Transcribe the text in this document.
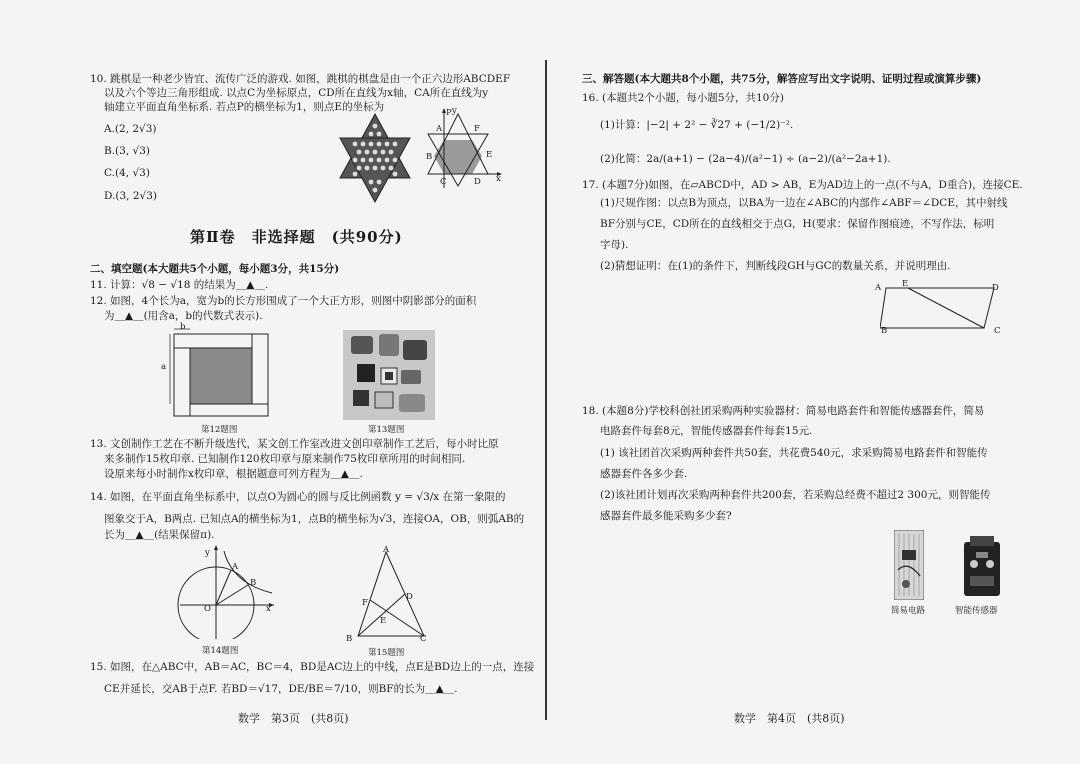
10. 跳棋是一种老少皆宜、流传广泛的游戏. 如图，跳棋的棋盘是由一个正六边形ABCDEF
以及六个等边三角形组成. 以点C为坐标原点，CD所在直线为x轴，CA所在直线为y
轴建立平面直角坐标系. 若点P的横坐标为1，则点E的坐标为
A.(2, 2√3)
B.(3, √3)
C.(4, √3)
D.(3, 2√3)
P
A	F
B	E
C	D
y
x
第Ⅱ卷　非选择题　(共90分)
二、填空题(本大题共5个小题，每小题3分，共15分)
11. 计算：√8 − √18 的结果为＿▲＿.
12. 如图，4个长为a，宽为b的长方形围成了一个大正方形，则图中阴影部分的面积
为＿▲＿(用含a，b的代数式表示).
b
a
第12题图	第13题图
13. 文创制作工艺在不断升级迭代，某文创工作室改进文创印章制作工艺后，每小时比原
来多制作15枚印章. 已知制作120枚印章与原来制作75枚印章所用的时间相同.
设原来每小时制作x枚印章，根据题意可列方程为＿▲＿.
14. 如图，在平面直角坐标系中，以点O为圆心的圆与反比例函数 y = √3/x 在第一象限的
图象交于A，B两点. 已知点A的横坐标为1，点B的横坐标为√3，连接OA，OB，则弧AB的
长为＿▲＿(结果保留π).
y
A
B
O	x
第14题图
A
D
F
E
B	C
第15题图
15. 如图，在△ABC中，AB＝AC，BC＝4，BD是AC边上的中线，点E是BD边上的一点，连接
CE并延长，交AB于点F. 若BD＝√17，DE/BE＝7/10，则BF的长为＿▲＿.
数学　第3页　(共8页)
三、解答题(本大题共8个小题，共75分，解答应写出文字说明、证明过程或演算步骤)
16. (本题共2个小题，每小题5分，共10分)
(1)计算：|−2| + 2² − ∛27 + (−1/2)⁻².
(2)化简：2a/(a+1) − (2a−4)/(a²−1) ÷ (a−2)/(a²−2a+1).
17. (本题7分)如图，在▱ABCD中，AD > AB，E为AD边上的一点(不与A，D重合)，连接CE.
(1)尺规作图：以点B为顶点，以BA为一边在∠ABC的内部作∠ABF＝∠DCE，其中射线
BF分别与CE，CD所在的直线相交于点G，H(要求：保留作图痕迹，不写作法，标明
字母).
(2)猜想证明：在(1)的条件下，判断线段GH与GC的数量关系，并说明理由.
A E	D
B	C
18. (本题8分)学校科创社团采购两种实验器材：简易电路套件和智能传感器套件，简易
电路套件每套8元，智能传感器套件每套15元.
(1) 该社团首次采购两种套件共50套，共花费540元，求采购简易电路套件和智能传
感器套件各多少套.
(2)该社团计划再次采购两种套件共200套，若采购总经费不超过2 300元，则智能传
感器套件最多能采购多少套?
简易电路	智能传感器
数学　第4页　(共8页)
